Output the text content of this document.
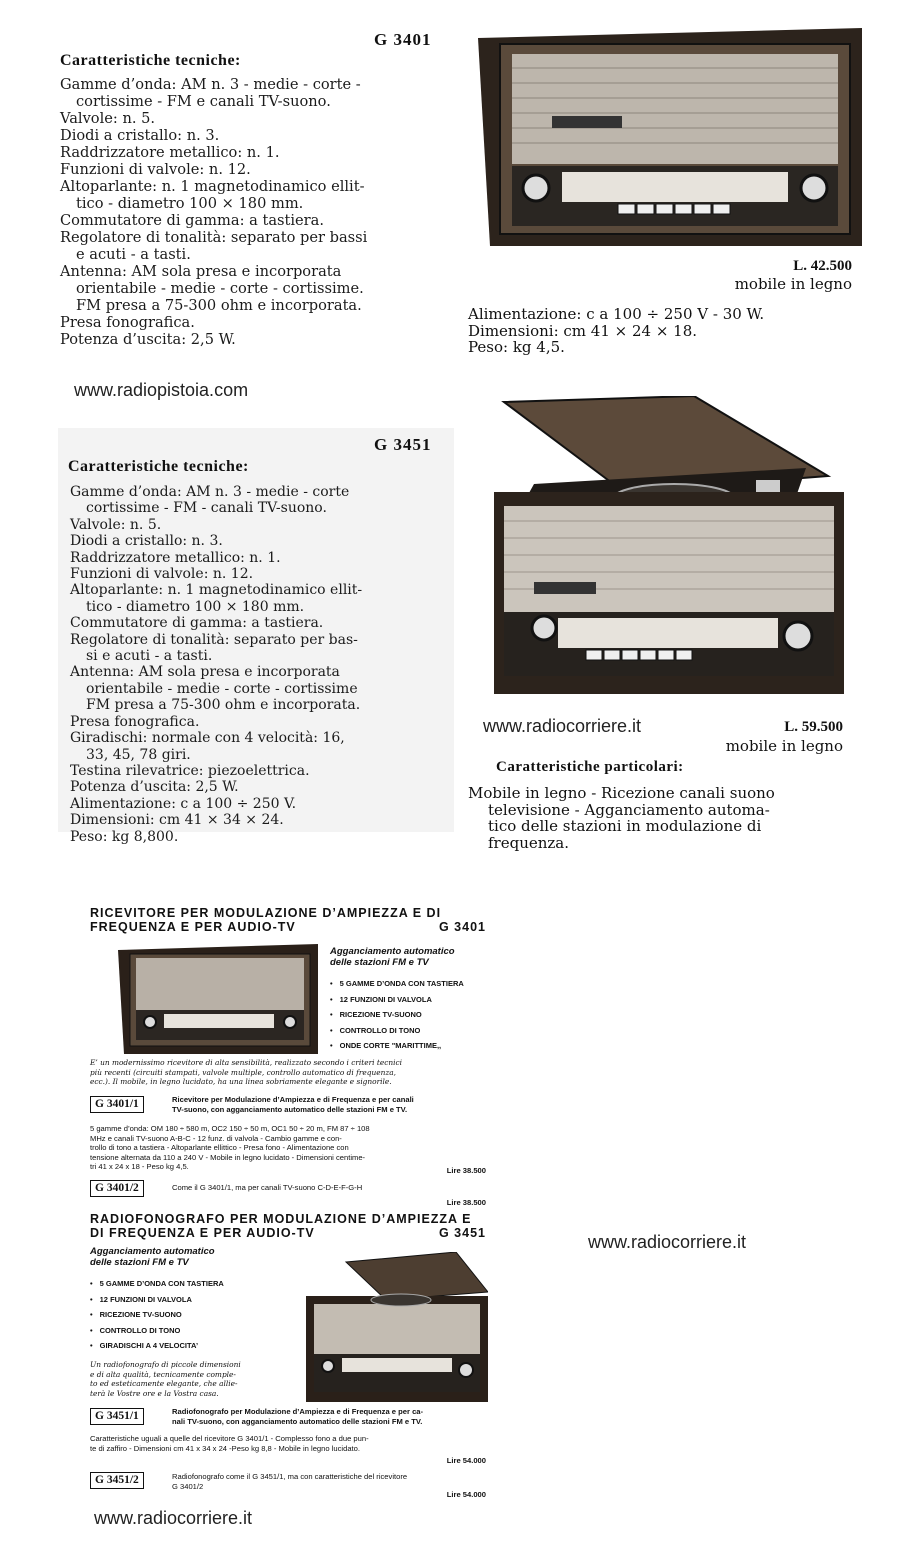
G 3401
Caratteristiche tecniche:
Gamme d’onda: AM n. 3 - medie - corte -
cortissime - FM e canali TV-suono.
Valvole: n. 5.
Diodi a cristallo: n. 3.
Raddrizzatore metallico: n. 1.
Funzioni di valvole: n. 12.
Altoparlante: n. 1 magnetodinamico ellit-
tico - diametro 100 × 180 mm.
Commutatore di gamma: a tastiera.
Regolatore di tonalità: separato per bassi
e acuti - a tasti.
Antenna: AM sola presa e incorporata
orientabile - medie - corte - cortissime.
FM presa a 75-300 ohm e incorporata.
Presa fonografica.
Potenza d’uscita: 2,5 W.
L. 42.500
mobile in legno
Alimentazione: c a 100 ÷ 250 V - 30 W.
Dimensioni: cm 41 × 24 × 18.
Peso: kg 4,5.
www.radiopistoia.com
G 3451
Caratteristiche tecniche:
Gamme d’onda: AM n. 3 - medie - corte
cortissime - FM - canali TV-suono.
Valvole: n. 5.
Diodi a cristallo: n. 3.
Raddrizzatore metallico: n. 1.
Funzioni di valvole: n. 12.
Altoparlante: n. 1 magnetodinamico ellit-
tico - diametro 100 × 180 mm.
Commutatore di gamma: a tastiera.
Regolatore di tonalità: separato per bas-
si e acuti - a tasti.
Antenna: AM sola presa e incorporata
orientabile - medie - corte - cortissime
FM presa a 75-300 ohm e incorporata.
Presa fonografica.
Giradischi: normale con 4 velocità: 16,
33, 45, 78 giri.
Testina rilevatrice: piezoelettrica.
Potenza d’uscita: 2,5 W.
Alimentazione: c a 100 ÷ 250 V.
Dimensioni: cm 41 × 34 × 24.
Peso: kg 8,800.
www.radiocorriere.it	L. 59.500
mobile in legno
Caratteristiche particolari:
Mobile in legno - Ricezione canali suono
televisione - Agganciamento automa-
tico delle stazioni in modulazione di
frequenza.
RICEVITORE PER MODULAZIONE D’AMPIEZZA E DI
FREQUENZA E PER AUDIO-TV	G 3401
Agganciamento automatico
delle stazioni FM e TV
• 5 GAMME D’ONDA CON TASTIERA
• 12 FUNZIONI DI VALVOLA
• RICEZIONE TV-SUONO
• CONTROLLO DI TONO
• ONDE CORTE "MARITTIME,,
E’ un modernissimo ricevitore di alta sensibilità, realizzato secondo i criteri tecnici
più recenti (circuiti stampati, valvole multiple, controllo automatico di frequenza,
ecc.). Il mobile, in legno lucidato, ha una linea sobriamente elegante e signorile.
G 3401/1	Ricevitore per Modulazione d’Ampiezza e di Frequenza e per canali
TV-suono, con agganciamento automatico delle stazioni FM e TV.
5 gamme d’onda: OM 180 ÷ 580 m, OC2 150 ÷ 50 m, OC1 50 ÷ 20 m, FM 87 ÷ 108
MHz e canali TV-suono A-B-C - 12 funz. di valvola - Cambio gamme e con-
trollo di tono a tastiera - Altoparlante ellittico - Presa fono - Alimentazione con
tensione alternata da 110 a 240 V - Mobile in legno lucidato - Dimensioni centime-
tri 41 x 24 x 18 - Peso kg 4,5.	Lire 38.500
G 3401/2	Come il G 3401/1, ma per canali TV-suono C-D-E-F-G-H
Lire 38.500
RADIOFONOGRAFO PER MODULAZIONE D’AMPIEZZA E
DI FREQUENZA E PER AUDIO-TV	G 3451
Agganciamento automatico
delle stazioni FM e TV
• 5 GAMME D’ONDA CON TASTIERA
• 12 FUNZIONI DI VALVOLA
• RICEZIONE TV-SUONO
• CONTROLLO DI TONO
• GIRADISCHI A 4 VELOCITA’
Un radiofonografo di piccole dimensioni
e di alta qualità, tecnicamente comple-
to ed esteticamente elegante, che allie-
terà le Vostre ore e la Vostra casa.
G 3451/1	Radiofonografo per Modulazione d’Ampiezza e di Frequenza e per ca-
nali TV-suono, con agganciamento automatico delle stazioni FM e TV.
Caratteristiche uguali a quelle del ricevitore G 3401/1 - Complesso fono a due pun-
te di zaffiro - Dimensioni cm 41 x 34 x 24 -Peso kg 8,8 - Mobile in legno lucidato.
Lire 54.000
G 3451/2	Radiofonografo come il G 3451/1, ma con caratteristiche del ricevitore
G 3401/2
Lire 54.000
www.radiocorriere.it
www.radiocorriere.it
